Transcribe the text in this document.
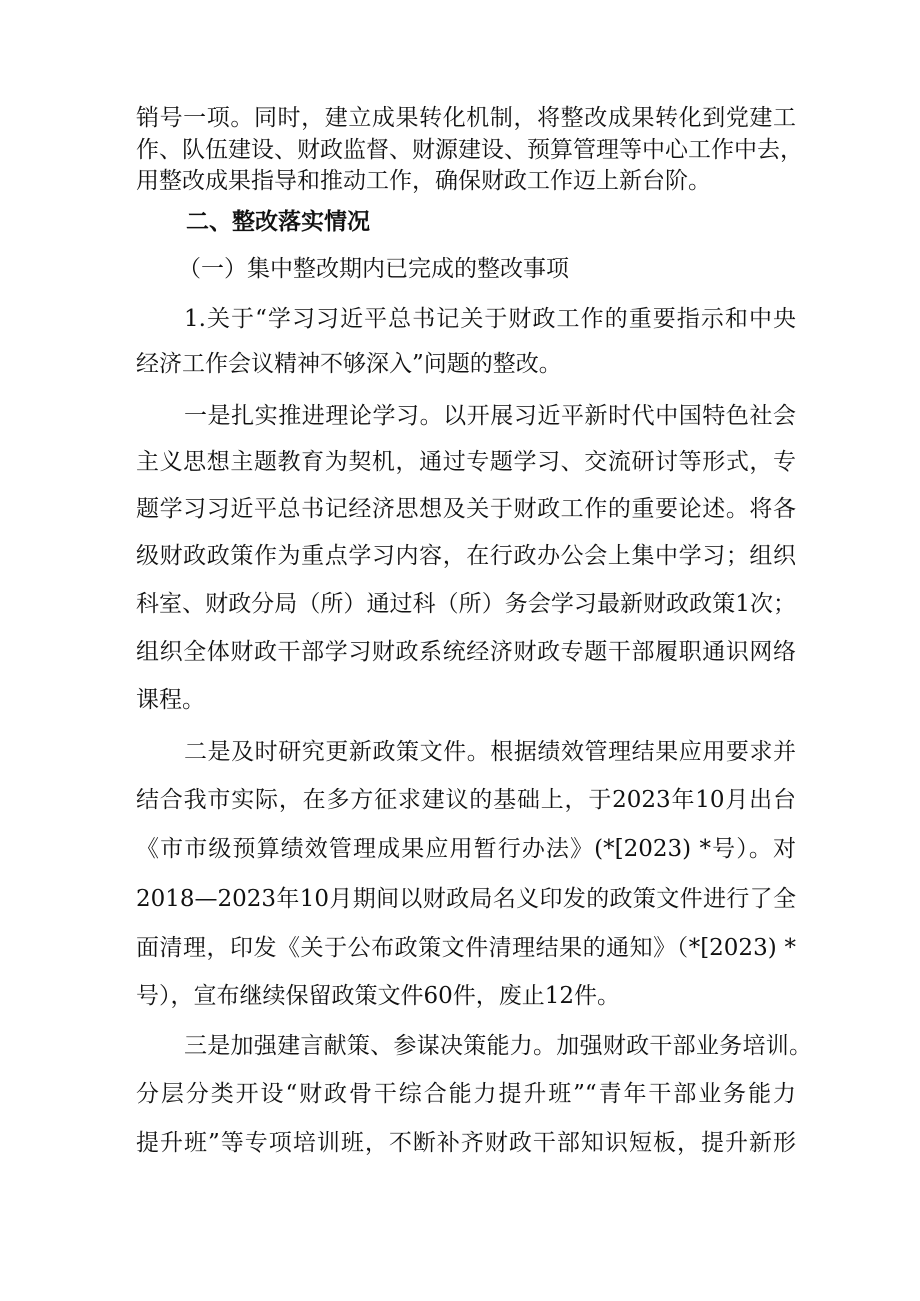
销号一项。同时，建立成果转化机制，将整改成果转化到党建工
作、队伍建设、财政监督、财源建设、预算管理等中心工作中去，
用整改成果指导和推动工作，确保财政工作迈上新台阶。
二、整改落实情况
（一）集中整改期内已完成的整改事项
1.关于“学习习近平总书记关于财政工作的重要指示和中央
经济工作会议精神不够深入”问题的整改。
一是扎实推进理论学习。以开展习近平新时代中国特色社会
主义思想主题教育为契机，通过专题学习、交流研讨等形式，专
题学习习近平总书记经济思想及关于财政工作的重要论述。将各
级财政政策作为重点学习内容，在行政办公会上集中学习；组织
科室、财政分局（所）通过科（所）务会学习最新财政政策1次；
组织全体财政干部学习财政系统经济财政专题干部履职通识网络
课程。
二是及时研究更新政策文件。根据绩效管理结果应用要求并
结合我市实际，在多方征求建议的基础上，于2023年10月出台
《市市级预算绩效管理成果应用暂行办法》(*[2023) *号）。对
2018—2023年10月期间以财政局名义印发的政策文件进行了全
面清理，印发《关于公布政策文件清理结果的通知》（*[2023) *
号），宣布继续保留政策文件60件，废止12件。
三是加强建言献策、参谋决策能力。加强财政干部业务培训。
分层分类开设“财政骨干综合能力提升班”“青年干部业务能力
提升班”等专项培训班，不断补齐财政干部知识短板，提升新形
